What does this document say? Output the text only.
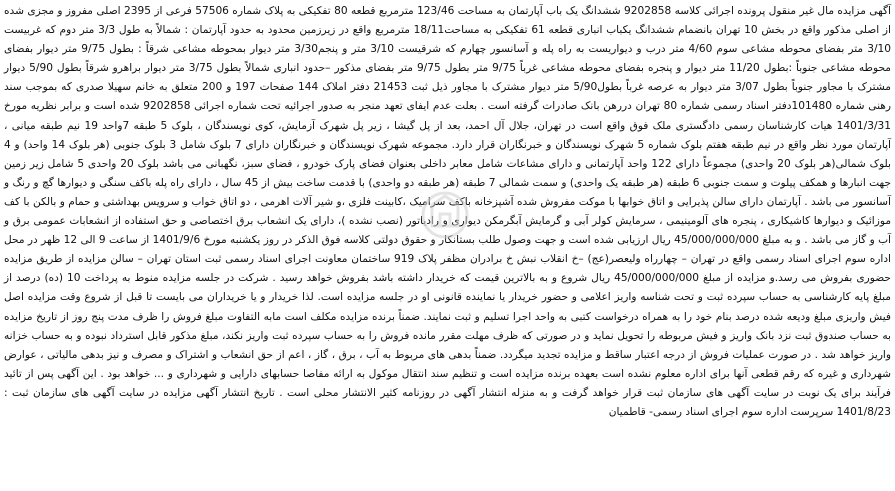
آگهی مزایده مال غیر منقول پرونده اجرائی کلاسه 9202858 ششدانگ یک باب آپارتمان به مساحت 123/46 مترمربع قطعه 80 تفکیکی به پلاک شماره 57506 فرعی از 2395 اصلی مفروز و مجزی شده از اصلی مذکور واقع در بخش 10 تهران بانضمام ششدانگ یکباب انباری قطعه 61 تفکیکی به مساحت18/11 مترمربع واقع در زیرزمین محدود به حدود آپارتمان : شمالاً به طول 3/3 متر دوم که غربیست 3/10 متر بفضای محوطه مشاعی سوم 4/60 متر درب و دیواریست به راه پله و آسانسور چهارم که شرقیست 3/10 متر و پنجم3/30 متر دیوار بمحوطه مشاعی شرقاً : بطول 9/75 متر دیوار بفضای محوطه مشاعی جنوباً :بطول 11/20 متر دیوار و پنجره بفضای محوطه مشاعی غرباً 9/75 متر بطول 9/75 متر بفضای مذکور –حدود انباری شمالاً بطول 3/75 متر دیوار براهرو شرقاً بطول 5/90 دیوار مشترک با مجاور جنوباً بطول 3/07 متر دیوار به عرصه غرباً بطول5/90 متر دیوار مشترک با مجاور ذیل ثبت 21453 دفتر املاک 144 صفحات 197 و 200 متعلق به خانم سهیلا صدری که بموجب سند رهنی شماره 101480دفتر اسناد رسمی شماره 80 تهران دررهن بانک صادرات گرفته است . بعلت عدم ایفای تعهد منجر به صدور اجرائیه تحت شماره اجرائی 9202858 شده است و برابر نظریه مورخ 1401/3/31 هیات کارشناسان رسمی دادگستری ملک فوق واقع است در تهران، جلال آل احمد، بعد از پل گیشا ، زیر پل شهرک آزمایش، کوی نویسندگان ، بلوک 5 طبقه 7واحد 19 نیم طبقه میانی ، آپارتمان مورد نظر واقع در نیم طبقه هفتم بلوک شماره 5 شهرک نویسندگان و خبرنگاران قرار دارد. مجموعه شهرک نویسندگان و خبرنگاران دارای 7 بلوک شامل 3 بلوک جنوبی (هر بلوک 14 واحد) و 4 بلوک شمالی(هر بلوک 20 واحدی) مجموعاً دارای 122 واحد آپارتمانی و دارای مشاعات شامل معابر داخلی بعنوان فضای پارک خودرو ، فضای سبز، نگهبانی می باشد بلوک 20 واحدی 5 شامل زیر زمین جهت انبارها و همکف پیلوت و سمت جنوبی 6 طبقه (هر طبقه یک واحدی) و سمت شمالی 7 طبقه (هر طبقه دو واحدی) با قدمت ساخت بیش از 45 سال ، دارای راه پله باکف سنگی و دیوارها گچ و رنگ و آسانسور می باشد . آپارتمان دارای سالن پذیرایی و اتاق خوابها با موکت مفروش شده آشپزخانه باکف سرامیک ،کابینت فلزی ،و شیر آلات اهرمی ، دو اتاق خواب و سرویس بهداشتی و حمام و بالکن با کف موزائیک و دیوارها کاشیکاری ، پنجره های آلومینیمی ، سرمایش کولر آبی و گرمایش آبگرمکن دیواری و رادیاتور (نصب نشده )، دارای یک انشعاب برق اختصاصی و حق استفاده از انشعابات عمومی برق و آب و گاز می باشد . و به مبلغ 45/000/000/000 ریال ارزیابی شده است و جهت وصول طلب بستانکار و حقوق دولتی کلاسه فوق الذکر در روز یکشنبه مورخ 1401/9/6 از ساعت 9 الی 12 ظهر در محل اداره سوم اجرای اسناد رسمی واقع در تهران – چهارراه ولیعصر(عج) –خ انقلاب نبش خ برادران مظفر پلاک 919 ساختمان معاونت اجرای اسناد رسمی ثبت استان تهران – سالن مزایده از طریق مزایده حضوری بفروش می رسد.و مزایده از مبلغ 45/000/000/000 ریال شروع و به بالاترین قیمت که خریدار داشته باشد بفروش خواهد رسید . شرکت در جلسه مزایده منوط به پرداخت 10 (ده) درصد از مبلغ پایه کارشناسی به حساب سپرده ثبت و تحت شناسه واریز اعلامی و حضور خریدار یا نماینده قانونی او در جلسه مزایده است. لذا خریدار و یا خریداران می بایست تا قبل از شروع وقت مزایده اصل فیش واریزی مبلغ ودیعه شده درصد بنام خود را به همراه درخواست کتبی به واحد اجرا تسلیم و ثبت نمایند. ضمناً برنده مزایده مکلف است مابه التفاوت مبلغ فروش را ظرف مدت پنج روز از تاریخ مزایده به حساب صندوق ثبت نزد بانک واریز و فیش مربوطه را تحویل نماید و در صورتی که ظرف مهلت مقرر مانده فروش را به حساب سپرده ثبت واریز نکند، مبلغ مذکور قابل استرداد نبوده و به حساب خزانه واریز خواهد شد . در صورت عملیات فروش از درجه اعتبار ساقط و مزایده تجدید میگردد. ضمناً بدهی های مربوط به آب ، برق ، گاز ، اعم از حق انشعاب و اشتراک و مصرف و نیز بدهی مالیاتی ، عوارض شهرداری و غیره که رقم قطعی آنها برای اداره معلوم نشده است بعهده برنده مزایده است و تنظیم سند انتقال موکول به ارائه مفاصا حسابهای دارایی و شهرداری و ... خواهد بود . این آگهی پس از تائید فرآیند برای یک نوبت در سایت آگهی های سازمان ثبت قرار خواهد گرفت و به منزله انتشار آگهی در روزنامه کثیر الانتشار محلی است . تاریخ انتشار آگهی مزایده در سایت آگهی های سازمان ثبت : 1401/8/23 سرپرست اداره سوم اجرای اسناد رسمی- قاطمیان
